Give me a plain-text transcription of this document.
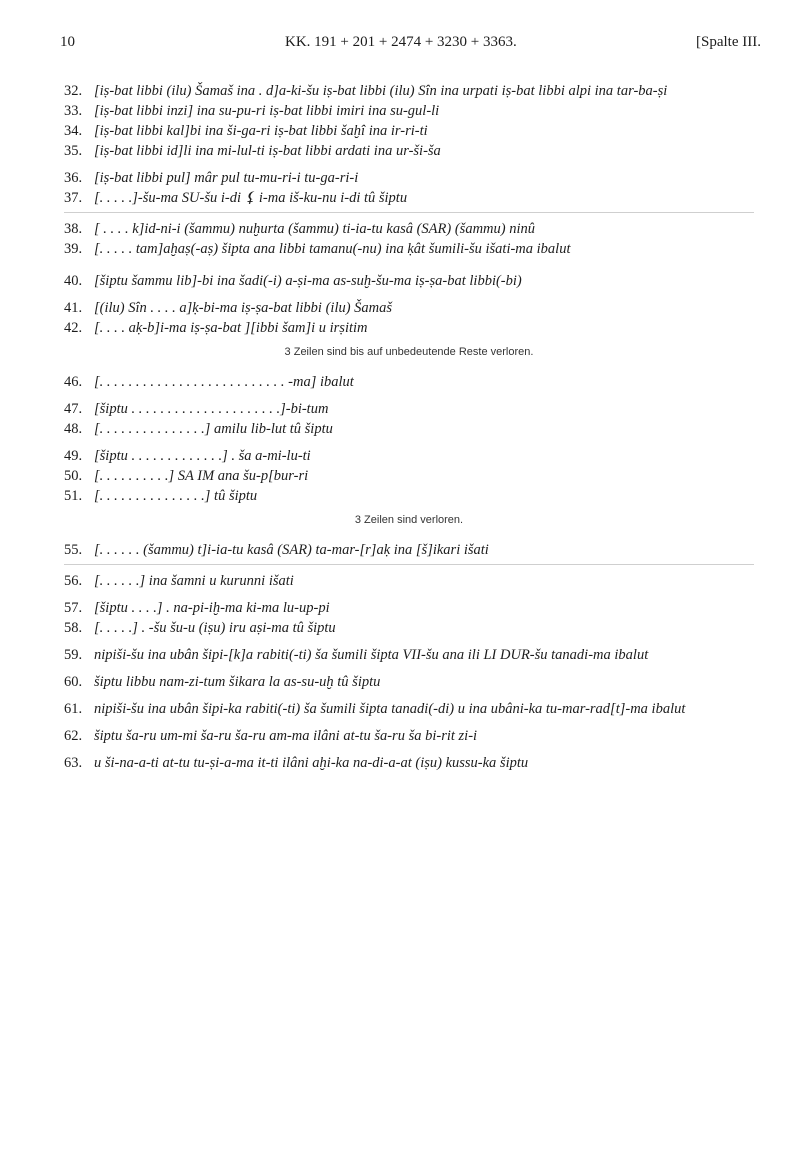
10	KK. 191 + 201 + 2474 + 3230 + 3363.	[Spalte III.
32. [iṣ-bat libbi (ilu) Šamaš ina . d]a-ki-šu iṣ-bat libbi (ilu) Sîn ina urpati iṣ-bat libbi alpi ina tar-ba-ṣi
33. [iṣ-bat libbi inzi] ina su-pu-ri iṣ-bat libbi imiri ina su-gul-li
34. [iṣ-bat libbi kal]bi ina ši-ga-ri iṣ-bat libbi šaḫî ina ir-ri-ti
35. [iṣ-bat libbi id]li ina mi-lul-ti iṣ-bat libbi ardati ina ur-ši-ša
36. [iṣ-bat libbi pul] mâr pul tu-mu-ri-i tu-ga-ri-i
37. [. . . . .]-šu-ma SU-šu i-di ⚸ i-ma iš-ku-nu i-di tû šiptu
38. [ . . . . k]id-ni-i (šammu) nuḫurta (šammu) ti-ia-tu kasâ (SAR) (šammu) ninû
39. [. . . . . tam]aḫaṣ(-aṣ) šipta ana libbi tamanu(-nu) ina ḳât šumili-šu išati-ma ibalut
40. [šiptu šammu lib]-bi ina šadi(-i) a-ṣi-ma as-suḫ-šu-ma iṣ-ṣa-bat libbi(-bi)
41. [(ilu) Sîn . . . . a]ḳ-bi-ma iṣ-ṣa-bat libbi (ilu) Šamaš
42. [. . . . aḳ-b]i-ma iṣ-ṣa-bat ][ibbi šam]i u irṣitim
3 Zeilen sind bis auf unbedeutende Reste verloren.
46. [. . . . . . . . . . . . . . . . . . . . . . . . . . -ma] ibalut
47. [šiptu . . . . . . . . . . . . . . . . . . . . .]-bi-tum
48. [. . . . . . . . . . . . . . .] amilu lib-lut tû šiptu
49. [šiptu . . . . . . . . . . . . .] . ša a-mi-lu-ti
50. [. . . . . . . . . .] SA IM ana šu-p[bur-ri
51. [. . . . . . . . . . . . . . .] tû šiptu
3 Zeilen sind verloren.
55. [. . . . . . (šammu) t]i-ia-tu kasâ (SAR) ta-mar-[r]aḳ ina [š]ikari išati
56. [. . . . . .] ina šamni u kurunni išati
57. [šiptu . . . .] . na-pi-iḫ-ma ki-ma lu-up-pi
58. [. . . . .] . -šu šu-u (iṣu) iru aṣi-ma tû šiptu
59. nipiši-šu ina ubân šipi-[k]a rabiti(-ti) ša šumili šipta VII-šu ana ili LI DUR-šu tanadi-ma ibalut
60. šiptu libbu nam-zi-tum šikara la as-su-uḫ tû šiptu
61. nipiši-šu ina ubân šipi-ka rabiti(-ti) ša šumili šipta tanadi(-di) u ina ubâni-ka tu-mar-rad[t]-ma ibalut
62. šiptu ša-ru um-mi ša-ru ša-ru am-ma ilâni at-tu ša-ru ša bi-rit zi-i
63. u ši-na-a-ti at-tu tu-ṣi-a-ma it-ti ilâni aḫi-ka na-di-a-at (iṣu) kussu-ka šiptu
